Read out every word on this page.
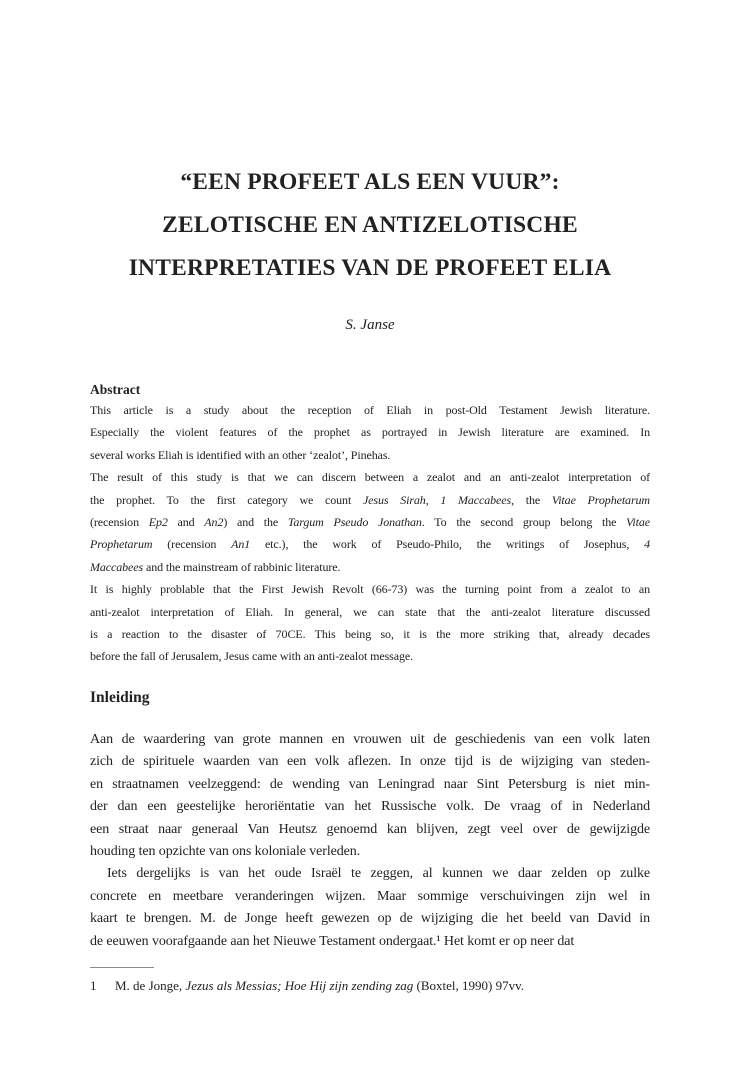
“EEN PROFEET ALS EEN VUUR”:
ZELOTISCHE EN ANTIZELOTISCHE
INTERPRETATIES VAN DE PROFEET ELIA
S. Janse
Abstract
This article is a study about the reception of Eliah in post-Old Testament Jewish literature.
Especially the violent features of the prophet as portrayed in Jewish literature are examined. In
several works Eliah is identified with an other ‘zealot’, Pinehas.
The result of this study is that we can discern between a zealot and an anti-zealot interpretation of
the prophet. To the first category we count Jesus Sirah, 1 Maccabees, the Vitae Prophetarum
(recension Ep2 and An2) and the Targum Pseudo Jonathan. To the second group belong the Vitae
Prophetarum (recension An1 etc.), the work of Pseudo-Philo, the writings of Josephus, 4
Maccabees and the mainstream of rabbinic literature.
It is highly problable that the First Jewish Revolt (66-73) was the turning point from a zealot to an
anti-zealot interpretation of Eliah. In general, we can state that the anti-zealot literature discussed
is a reaction to the disaster of 70CE. This being so, it is the more striking that, already decades
before the fall of Jerusalem, Jesus came with an anti-zealot message.
Inleiding
Aan de waardering van grote mannen en vrouwen uit de geschiedenis van een volk laten
zich de spirituele waarden van een volk aflezen. In onze tijd is de wijziging van steden-
en straatnamen veelzeggend: de wending van Leningrad naar Sint Petersburg is niet min-
der dan een geestelijke heroriëntatie van het Russische volk. De vraag of in Nederland
een straat naar generaal Van Heutsz genoemd kan blijven, zegt veel over de gewijzigde
houding ten opzichte van ons koloniale verleden.
Iets dergelijks is van het oude Israël te zeggen, al kunnen we daar zelden op zulke
concrete en meetbare veranderingen wijzen. Maar sommige verschuivingen zijn wel in
kaart te brengen. M. de Jonge heeft gewezen op de wijziging die het beeld van David in
de eeuwen voorafgaande aan het Nieuwe Testament ondergaat.¹ Het komt er op neer dat
1	M. de Jonge, Jezus als Messias; Hoe Hij zijn zending zag (Boxtel, 1990) 97vv.
